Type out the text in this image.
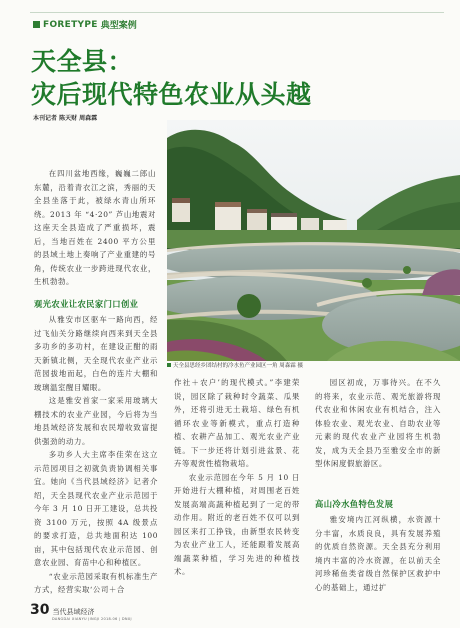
FORETYPE 典型案例
天全县：
灾后现代特色农业从头越
本刊记者 陈天财 周森霖
天全县思经乡团结村的冷水鱼产业园区一角 周森霖 摄

在四川盆地西缘，巍巍二郎山东麓，沿着青衣江之滨，秀丽的天全县坐落于此，被绿水青山所环绕。2013 年 “4·20” 芦山地震对这座天全县造成了严重损坏，震后，当地百姓在 2400 平方公里的县域土地上奏响了产业重建的号角，传统农业一步跨进现代农业，生机勃勃。

观光农业让农民家门口创业

从雅安市区驱车一路向西，经过飞仙关分路继续向西来到天全县多功乡的多功村，在建设正酣的雨天新镇北侧，天全现代农业产业示范园拔地而起，白色的连片大棚和玻璃温室醒目耀眼。

这是雅安首家一家采用玻璃大棚技术的农业产业园，今后将为当地县域经济发展和农民增收致富提供强劲的动力。

多功乡人大主席李佳荣在这立示范园项目之初就负责协调相关事宜。她向《当代县域经济》记者介绍，天全县现代农业产业示范园于今年 3 月 10 日开工建设，总共投资 3100 万元，按照 4A 级景点的要求打造，总共地面积达 100 亩，其中包括现代农业示范园、创意农业园、育苗中心和种植区。

“农业示范园采取有机标准生产方式，经营实取‘公司＋合

作社＋农户’的现代模式。”李建荣说，园区除了栽种时令蔬菜、瓜果外，还将引进无土栽培、绿色有机循环农业等新模式，重点打造种植、农耕产品加工、观光农业产业链。下一步还将计划引进盆景、花卉等观赏性植物栽培。

农业示范园在今年 5 月 10 日开始进行大棚种植，对周围老百姓发展高端高蔬种植起到了一定的带动作用。附近的老百姓不仅可以到园区来打工挣钱，由新型农民转变为农业产业工人，还能跟着发展高端蔬菜种植，学习先进的种植技术。

园区初成，万事待兴。在不久的将来，农业示范、观光旅游将现代农业和休闲农业有机结合，注入体验农业、观光农业、自助农业等元素的现代农业产业园将生机勃发，成为天全县乃至雅安全市的新型休闲度假旅游区。

高山冷水鱼特色发展

雅安境内江河纵横，水资源十分丰富，水质良良，具有发展养殖的优质自然资源。天全县充分利用境内丰富的冷水资源，在以前天全河珍稀鱼类省级自然保护区救护中心的基础上，通过扩

30 当代县域经济
DANGDAI XIANYU JINGJI 2018.06 | DNXJ
